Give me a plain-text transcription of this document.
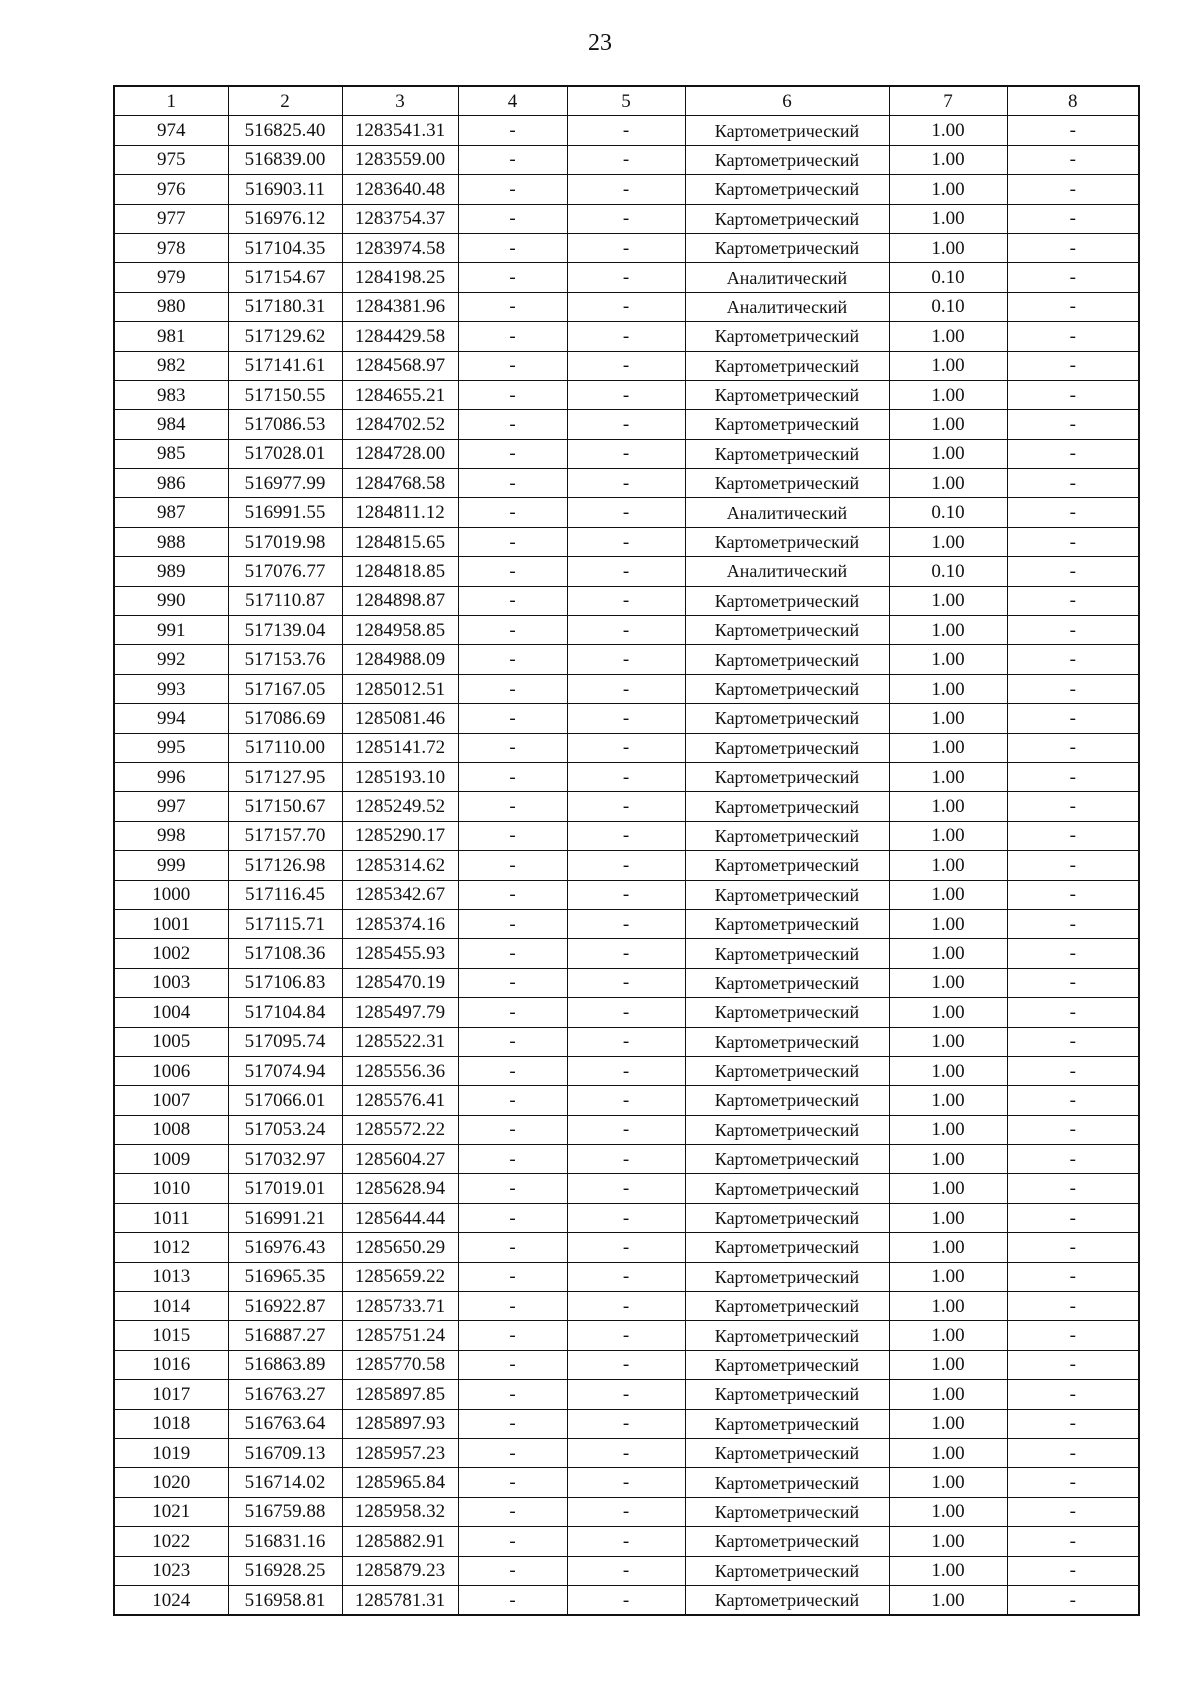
23
1	2	3	4	5	6	7	8
974	516825.40	1283541.31	-	-	Картометрический	1.00	-
975	516839.00	1283559.00	-	-	Картометрический	1.00	-
976	516903.11	1283640.48	-	-	Картометрический	1.00	-
977	516976.12	1283754.37	-	-	Картометрический	1.00	-
978	517104.35	1283974.58	-	-	Картометрический	1.00	-
979	517154.67	1284198.25	-	-	Аналитический	0.10	-
980	517180.31	1284381.96	-	-	Аналитический	0.10	-
981	517129.62	1284429.58	-	-	Картометрический	1.00	-
982	517141.61	1284568.97	-	-	Картометрический	1.00	-
983	517150.55	1284655.21	-	-	Картометрический	1.00	-
984	517086.53	1284702.52	-	-	Картометрический	1.00	-
985	517028.01	1284728.00	-	-	Картометрический	1.00	-
986	516977.99	1284768.58	-	-	Картометрический	1.00	-
987	516991.55	1284811.12	-	-	Аналитический	0.10	-
988	517019.98	1284815.65	-	-	Картометрический	1.00	-
989	517076.77	1284818.85	-	-	Аналитический	0.10	-
990	517110.87	1284898.87	-	-	Картометрический	1.00	-
991	517139.04	1284958.85	-	-	Картометрический	1.00	-
992	517153.76	1284988.09	-	-	Картометрический	1.00	-
993	517167.05	1285012.51	-	-	Картометрический	1.00	-
994	517086.69	1285081.46	-	-	Картометрический	1.00	-
995	517110.00	1285141.72	-	-	Картометрический	1.00	-
996	517127.95	1285193.10	-	-	Картометрический	1.00	-
997	517150.67	1285249.52	-	-	Картометрический	1.00	-
998	517157.70	1285290.17	-	-	Картометрический	1.00	-
999	517126.98	1285314.62	-	-	Картометрический	1.00	-
1000	517116.45	1285342.67	-	-	Картометрический	1.00	-
1001	517115.71	1285374.16	-	-	Картометрический	1.00	-
1002	517108.36	1285455.93	-	-	Картометрический	1.00	-
1003	517106.83	1285470.19	-	-	Картометрический	1.00	-
1004	517104.84	1285497.79	-	-	Картометрический	1.00	-
1005	517095.74	1285522.31	-	-	Картометрический	1.00	-
1006	517074.94	1285556.36	-	-	Картометрический	1.00	-
1007	517066.01	1285576.41	-	-	Картометрический	1.00	-
1008	517053.24	1285572.22	-	-	Картометрический	1.00	-
1009	517032.97	1285604.27	-	-	Картометрический	1.00	-
1010	517019.01	1285628.94	-	-	Картометрический	1.00	-
1011	516991.21	1285644.44	-	-	Картометрический	1.00	-
1012	516976.43	1285650.29	-	-	Картометрический	1.00	-
1013	516965.35	1285659.22	-	-	Картометрический	1.00	-
1014	516922.87	1285733.71	-	-	Картометрический	1.00	-
1015	516887.27	1285751.24	-	-	Картометрический	1.00	-
1016	516863.89	1285770.58	-	-	Картометрический	1.00	-
1017	516763.27	1285897.85	-	-	Картометрический	1.00	-
1018	516763.64	1285897.93	-	-	Картометрический	1.00	-
1019	516709.13	1285957.23	-	-	Картометрический	1.00	-
1020	516714.02	1285965.84	-	-	Картометрический	1.00	-
1021	516759.88	1285958.32	-	-	Картометрический	1.00	-
1022	516831.16	1285882.91	-	-	Картометрический	1.00	-
1023	516928.25	1285879.23	-	-	Картометрический	1.00	-
1024	516958.81	1285781.31	-	-	Картометрический	1.00	-
